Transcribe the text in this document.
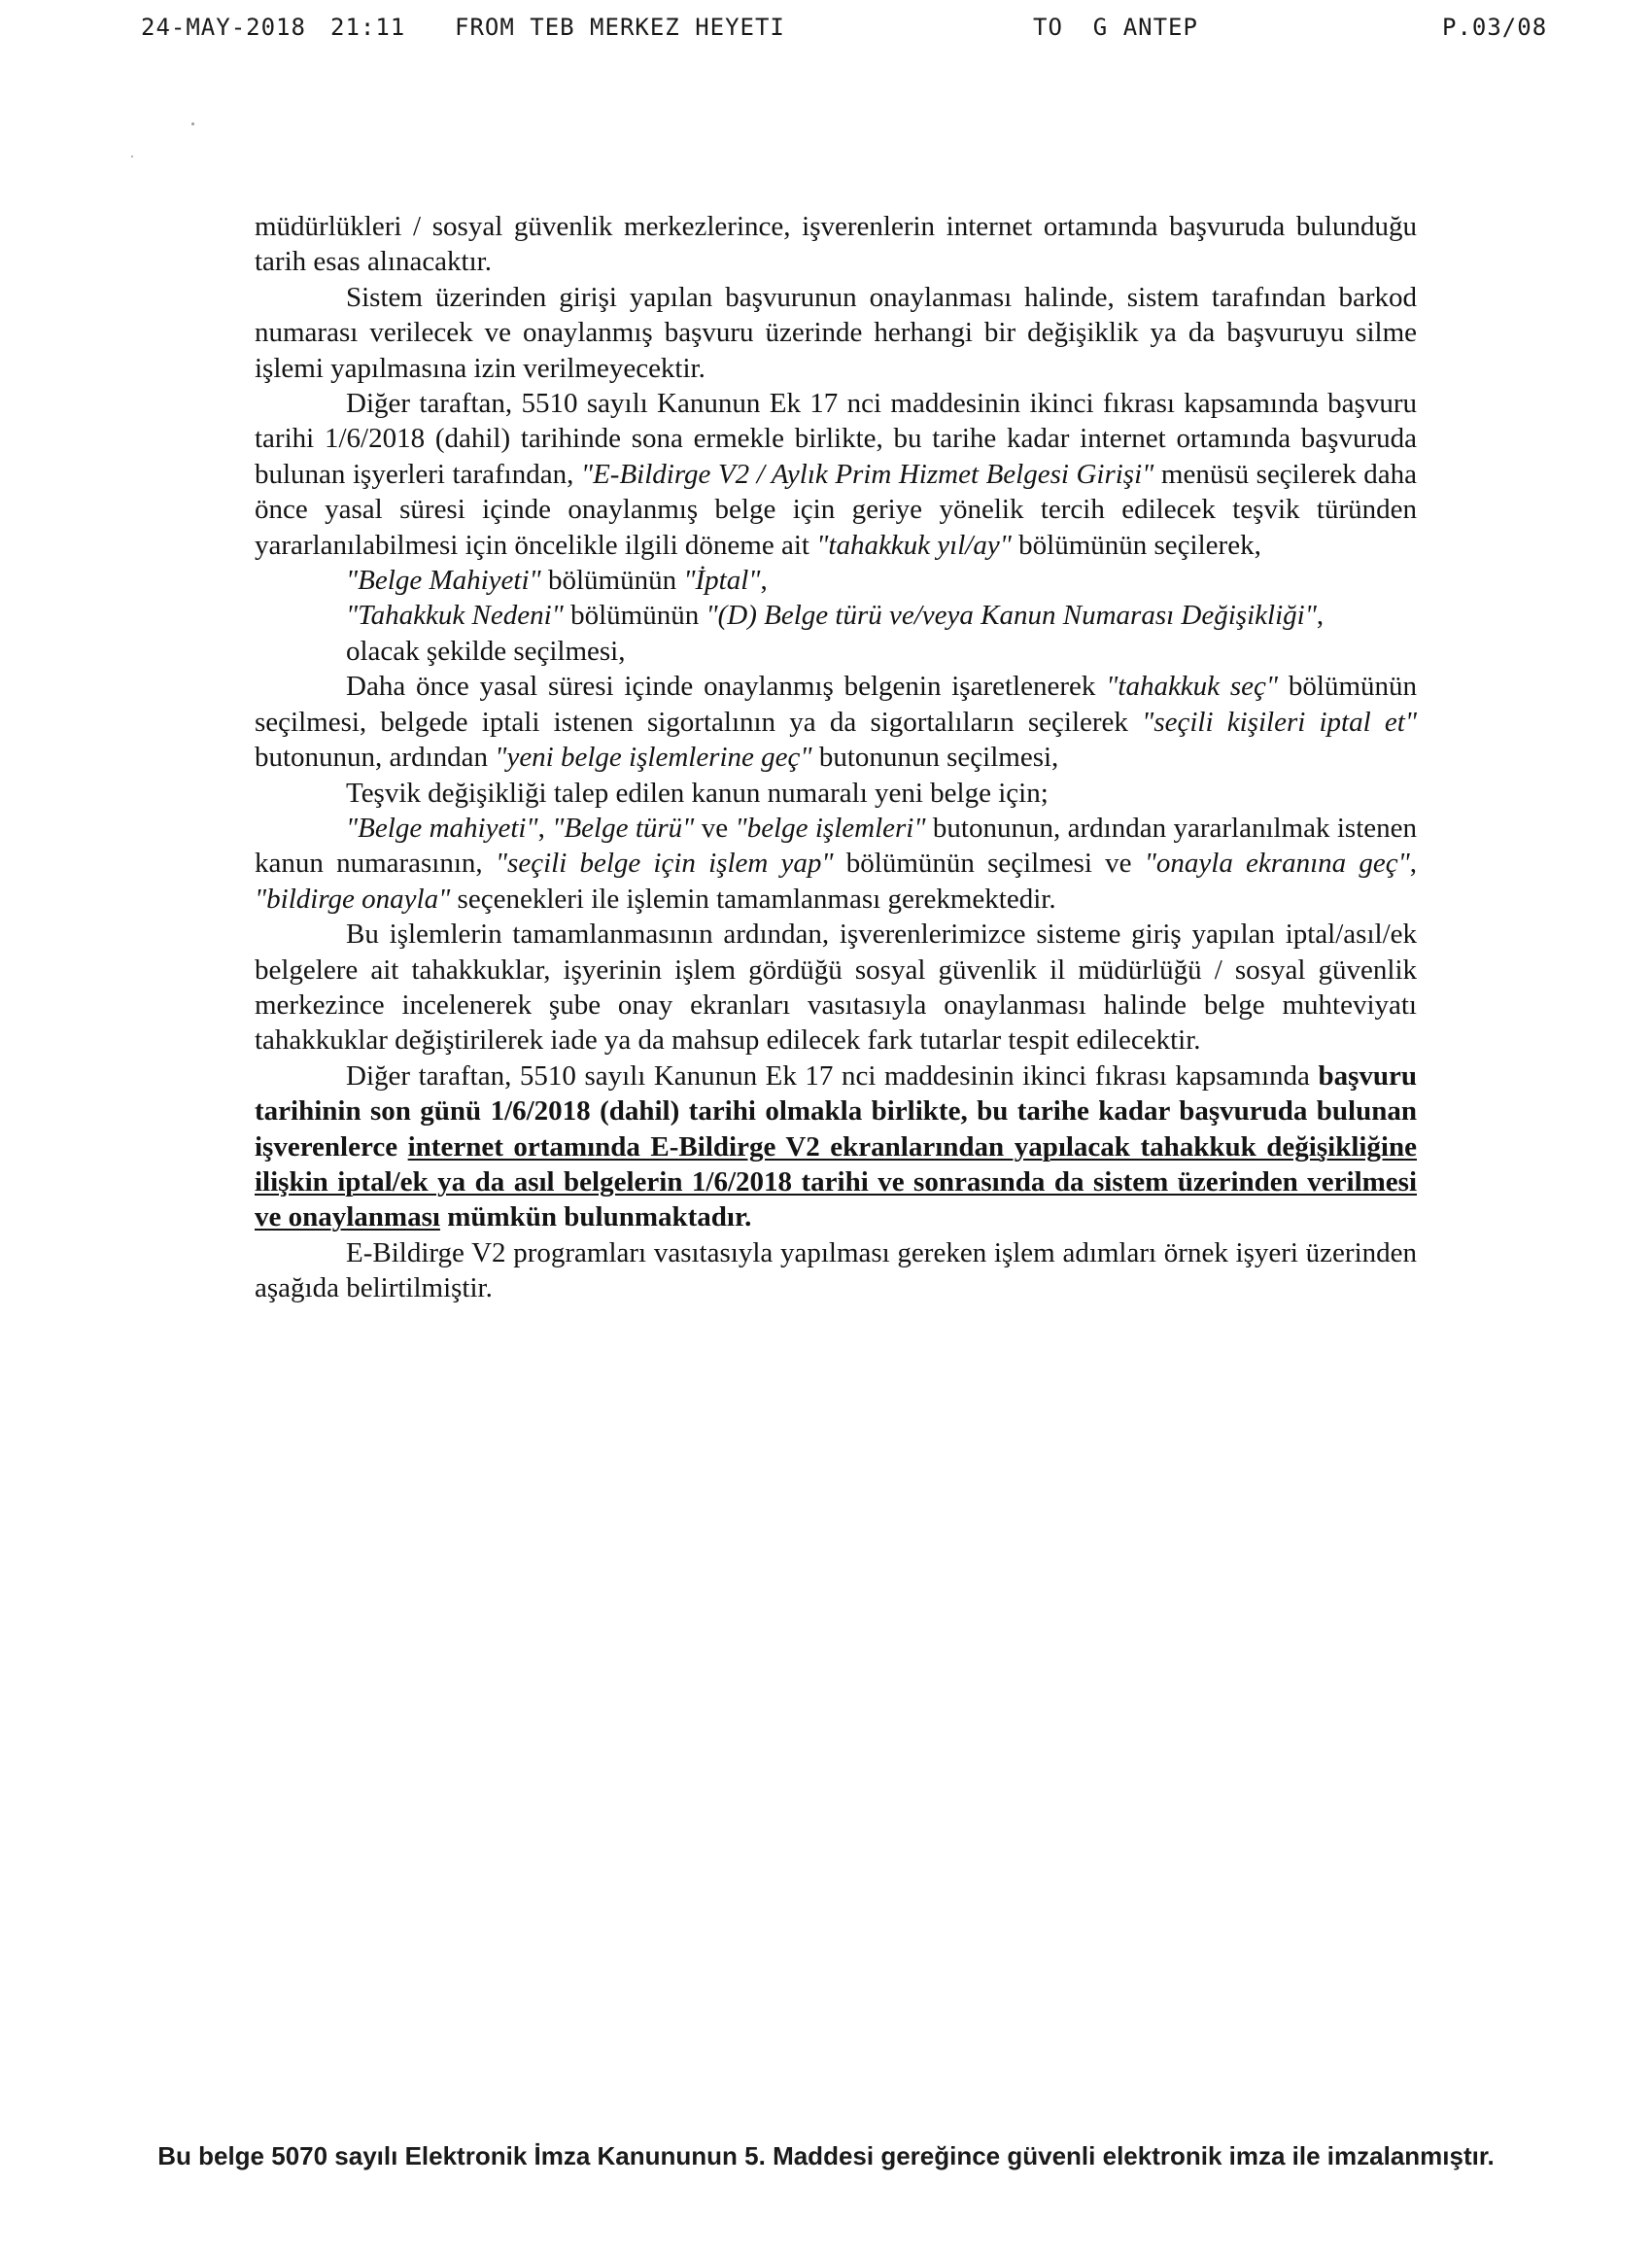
24-MAY-2018 21:11 FROM TEB MERKEZ HEYETI	TO  G ANTEP	P.03/08

müdürlükleri / sosyal güvenlik merkezlerince, işverenlerin internet ortamında başvuruda bulunduğu tarih esas alınacaktır.

Sistem üzerinden girişi yapılan başvurunun onaylanması halinde, sistem tarafından barkod numarası verilecek ve onaylanmış başvuru üzerinde herhangi bir değişiklik ya da başvuruyu silme işlemi yapılmasına izin verilmeyecektir.

Diğer taraftan, 5510 sayılı Kanunun Ek 17 nci maddesinin ikinci fıkrası kapsamında başvuru tarihi 1/6/2018 (dahil) tarihinde sona ermekle birlikte, bu tarihe kadar internet ortamında başvuruda bulunan işyerleri tarafından, "E-Bildirge V2 / Aylık Prim Hizmet Belgesi Girişi" menüsü seçilerek daha önce yasal süresi içinde onaylanmış belge için geriye yönelik tercih edilecek teşvik türünden yararlanılabilmesi için öncelikle ilgili döneme ait "tahakkuk yıl/ay" bölümünün seçilerek,

"Belge Mahiyeti" bölümünün "İptal",

"Tahakkuk Nedeni" bölümünün "(D) Belge türü ve/veya Kanun Numarası Değişikliği",

olacak şekilde seçilmesi,

Daha önce yasal süresi içinde onaylanmış belgenin işaretlenerek "tahakkuk seç" bölümünün seçilmesi, belgede iptali istenen sigortalının ya da sigortalıların seçilerek "seçili kişileri iptal et" butonunun, ardından "yeni belge işlemlerine geç" butonunun seçilmesi,

Teşvik değişikliği talep edilen kanun numaralı yeni belge için;

"Belge mahiyeti", "Belge türü" ve "belge işlemleri" butonunun, ardından yararlanılmak istenen kanun numarasının, "seçili belge için işlem yap" bölümünün seçilmesi ve "onayla ekranına geç", "bildirge onayla" seçenekleri ile işlemin tamamlanması gerekmektedir.

Bu işlemlerin tamamlanmasının ardından, işverenlerimizce sisteme giriş yapılan iptal/asıl/ek belgelere ait tahakkuklar, işyerinin işlem gördüğü sosyal güvenlik il müdürlüğü / sosyal güvenlik merkezince incelenerek şube onay ekranları vasıtasıyla onaylanması halinde belge muhteviyatı tahakkuklar değiştirilerek iade ya da mahsup edilecek fark tutarlar tespit edilecektir.

Diğer taraftan, 5510 sayılı Kanunun Ek 17 nci maddesinin ikinci fıkrası kapsamında başvuru tarihinin son günü 1/6/2018 (dahil) tarihi olmakla birlikte, bu tarihe kadar başvuruda bulunan işverenlerce internet ortamında E-Bildirge V2 ekranlarından yapılacak tahakkuk değişikliğine ilişkin iptal/ek ya da asıl belgelerin 1/6/2018 tarihi ve sonrasında da sistem üzerinden verilmesi ve onaylanması mümkün bulunmaktadır.

E-Bildirge V2 programları vasıtasıyla yapılması gereken işlem adımları örnek işyeri üzerinden aşağıda belirtilmiştir.

Bu belge 5070 sayılı Elektronik İmza Kanununun 5. Maddesi gereğince güvenli elektronik imza ile imzalanmıştır.
